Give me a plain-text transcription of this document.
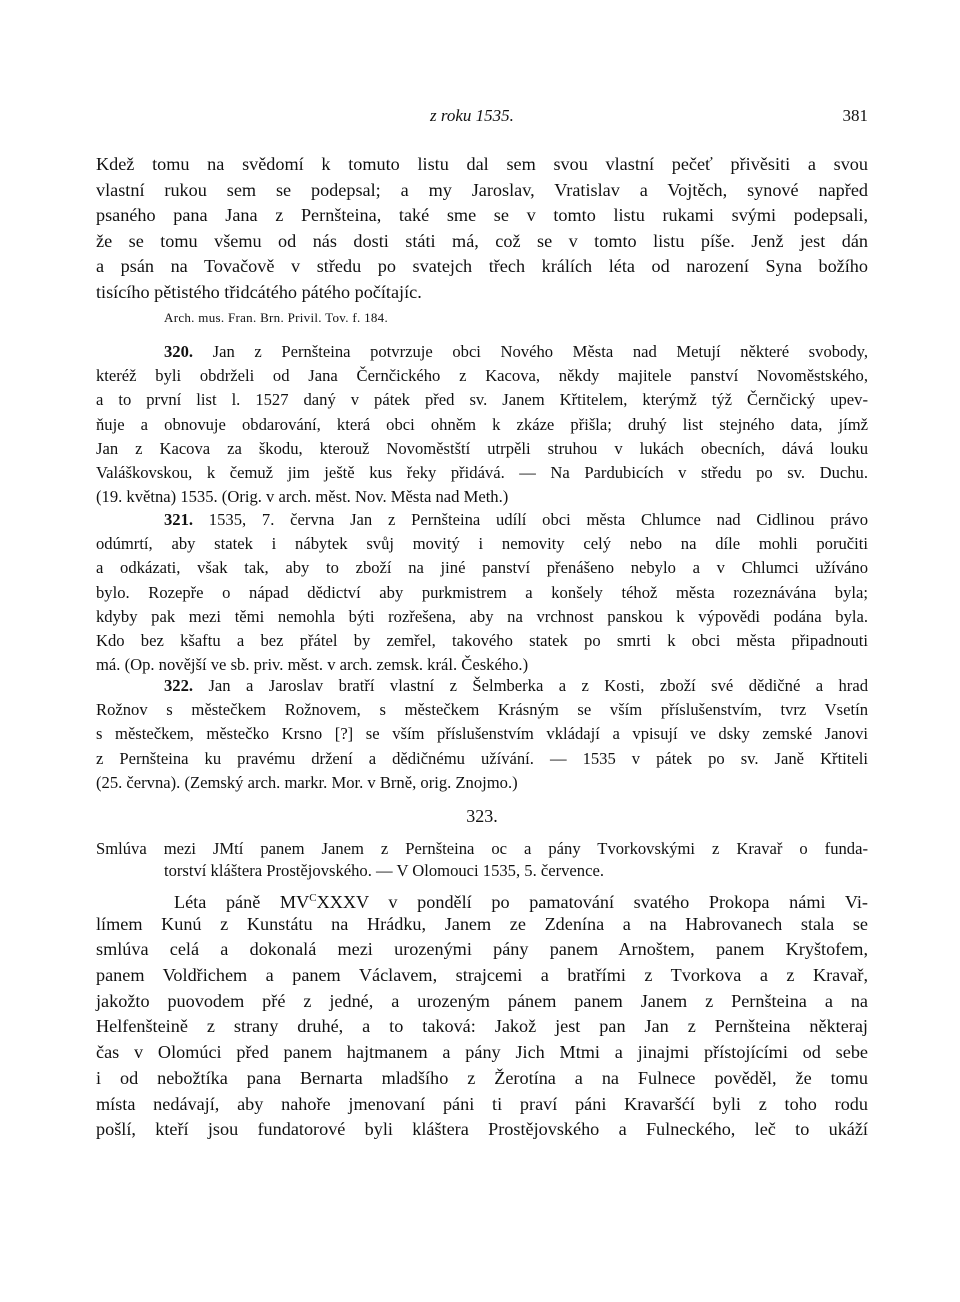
z roku 1535.	381
Kdež tomu na svědomí k tomuto listu dal sem svou vlastní pečeť přivěsiti a svou
vlastní rukou sem se podepsal; a my Jaroslav, Vratislav a Vojtěch, synové napřed
psaného pana Jana z Pernšteina, také sme se v tomto listu rukami svými podepsali,
že se tomu všemu od nás dosti státi má, což se v tomto listu píše. Jenž jest dán
a psán na Tovačově v středu po svatejch třech králích léta od narození Syna božího
tisícího pětistého třidcátého pátého počítajíc.
Arch. mus. Fran. Brn. Privil. Tov. f. 184.
320. Jan z Pernšteina potvrzuje obci Nového Města nad Metují některé svobody,
kteréž byli obdrželi od Jana Černčického z Kacova, někdy majitele panství Novoměstského,
a to první list l. 1527 daný v pátek před sv. Janem Křtitelem, kterýmž týž Černčický upev-
ňuje a obnovuje obdarování, která obci ohněm k zkáze přišla; druhý list stejného data, jímž
Jan z Kacova za škodu, kterouž Novoměstští utrpěli struhou v lukách obecních, dává louku
Valáškovskou, k čemuž jim ještě kus řeky přidává. — Na Pardubicích v středu po sv. Duchu.
(19. května) 1535. (Orig. v arch. měst. Nov. Města nad Meth.)
321. 1535, 7. června Jan z Pernšteina udílí obci města Chlumce nad Cidlinou právo
odúmrtí, aby statek i nábytek svůj movitý i nemovity celý nebo na díle mohli poručiti
a odkázati, však tak, aby to zboží na jiné panství přenášeno nebylo a v Chlumci užíváno
bylo. Rozepře o nápad dědictví aby purkmistrem a konšely téhož města rozeznávána byla;
kdyby pak mezi těmi nemohla býti rozřešena, aby na vrchnost panskou k výpovědi podána byla.
Kdo bez kšaftu a bez přátel by zemřel, takového statek po smrti k obci města připadnouti
má. (Op. novější ve sb. priv. měst. v arch. zemsk. král. Českého.)
322. Jan a Jaroslav bratří vlastní z Šelmberka a z Kosti, zboží své dědičné a hrad
Rožnov s městečkem Rožnovem, s městečkem Krásným se vším příslušenstvím, tvrz Vsetín
s městečkem, městečko Krsno [?] se vším příslušenstvím vkládají a vpisují ve dsky zemské Janovi
z Pernšteina ku pravému držení a dědičnému užívání. — 1535 v pátek po sv. Janě Křtiteli
(25. června). (Zemský arch. markr. Mor. v Brně, orig. Znojmo.)
323.
Smlúva mezi JMtí panem Janem z Pernšteina oc a pány Tvorkovskými z Kravař o funda-
torství kláštera Prostějovského. — V Olomouci 1535, 5. července.
Léta páně $MV^CXXXV$ v pondělí po pamatování svatého Prokopa námi Vi-
límem Kunú z Kunstátu na Hrádku, Janem ze Zdenína a na Habrovanech stala se
smlúva celá a dokonalá mezi urozenými pány panem Arnoštem, panem Kryštofem,
panem Voldřichem a panem Václavem, strajcemi a bratřími z Tvorkova a z Kravař,
jakožto puovodem přé z jedné, a urozeným pánem panem Janem z Pernšteina a na
Helfenšteině z strany druhé, a to taková: Jakož jest pan Jan z Pernšteina některaj
čas v Olomúci před panem hajtmanem a pány Jich Mtmi a jinajmi přístojícími od sebe
i od nebožtíka pana Bernarta mladšího z Žerotína a na Fulnece pověděl, že tomu
místa nedávají, aby nahoře jmenovaní páni ti praví páni Kravaršćí byli z toho rodu
pošlí, kteří jsou fundatorové byli kláštera Prostějovského a Fulneckého, leč to ukáží
